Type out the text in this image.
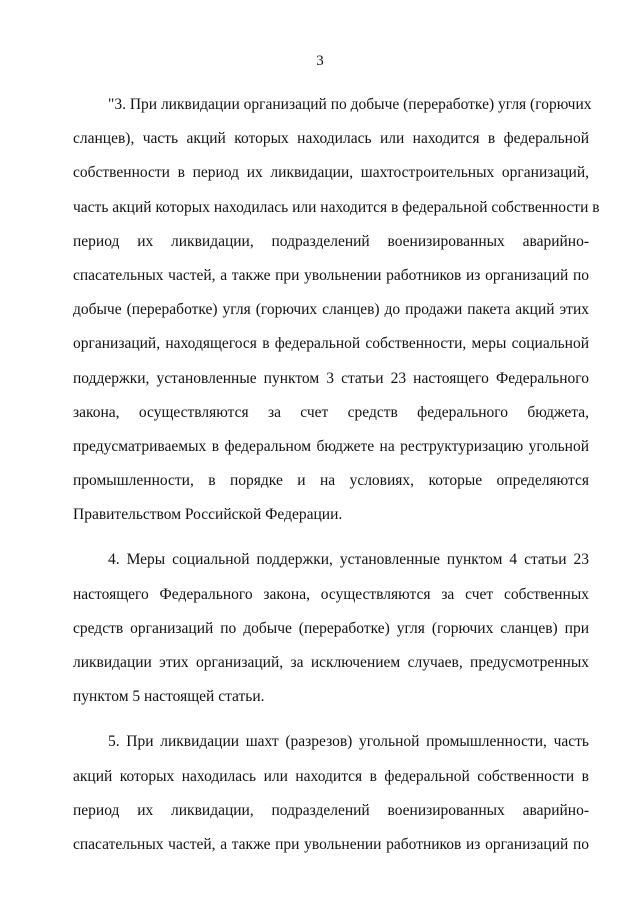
3
"3. При ликвидации организаций по добыче (переработке) угля (горючих
сланцев), часть акций которых находилась или находится в федеральной
собственности в период их ликвидации, шахтостроительных организаций,
часть акций которых находилась или находится в федеральной собственности в
период их ликвидации, подразделений военизированных аварийно-
спасательных частей, а также при увольнении работников из организаций по
добыче (переработке) угля (горючих сланцев) до продажи пакета акций этих
организаций, находящегося в федеральной собственности, меры социальной
поддержки, установленные пунктом 3 статьи 23 настоящего Федерального
закона, осуществляются за счет средств федерального бюджета,
предусматриваемых в федеральном бюджете на реструктуризацию угольной
промышленности, в порядке и на условиях, которые определяются
Правительством Российской Федерации.
4. Меры социальной поддержки, установленные пунктом 4 статьи 23
настоящего Федерального закона, осуществляются за счет собственных
средств организаций по добыче (переработке) угля (горючих сланцев) при
ликвидации этих организаций, за исключением случаев, предусмотренных
пунктом 5 настоящей статьи.
5. При ликвидации шахт (разрезов) угольной промышленности, часть
акций которых находилась или находится в федеральной собственности в
период их ликвидации, подразделений военизированных аварийно-
спасательных частей, а также при увольнении работников из организаций по
